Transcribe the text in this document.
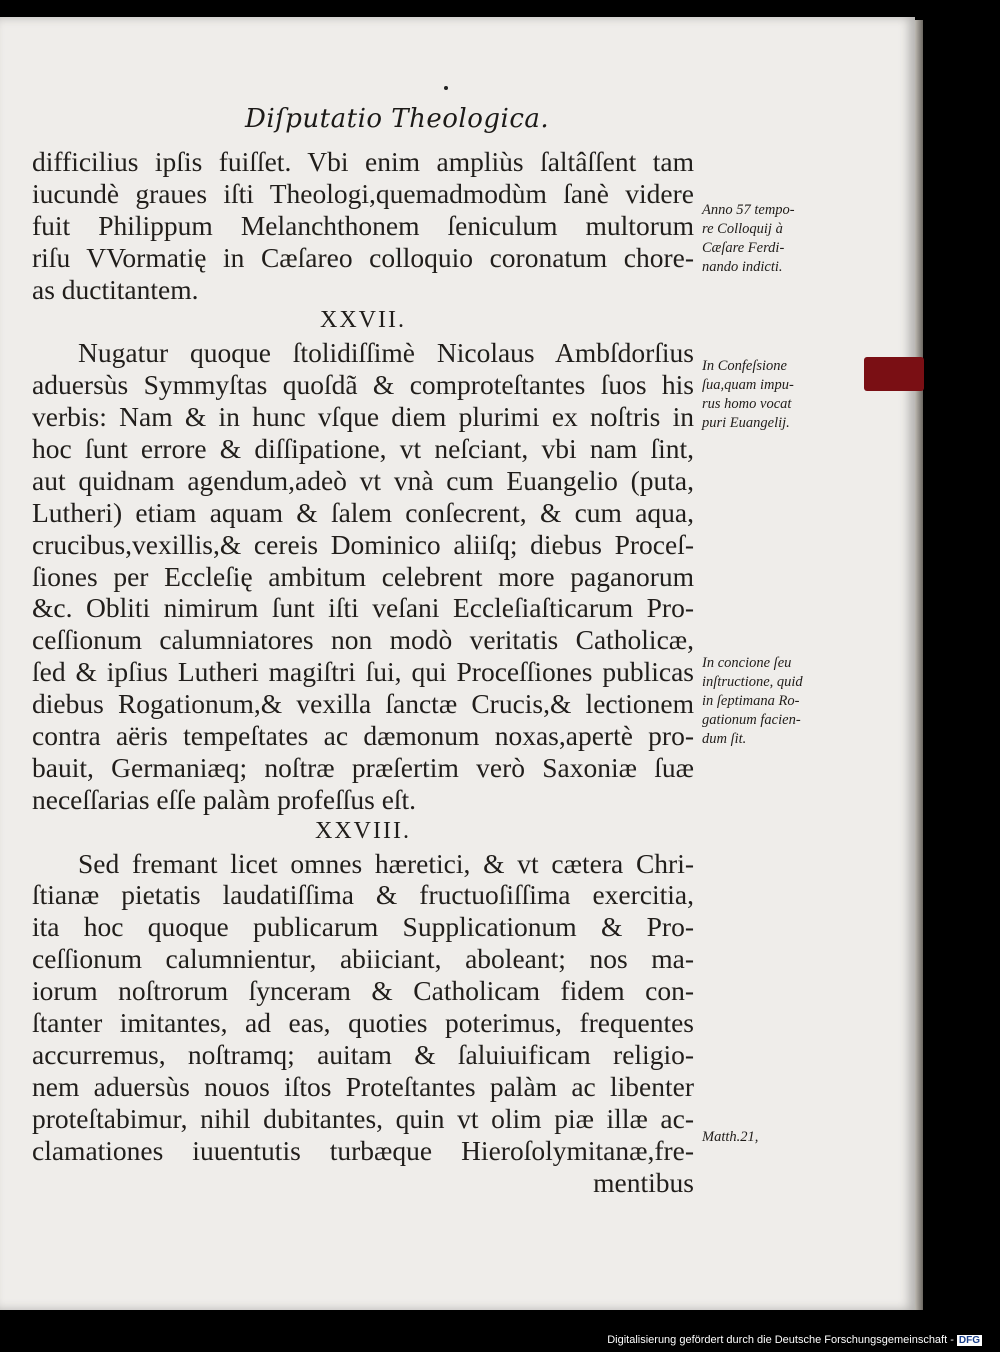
Diſputatio Theologica.
difficilius ipſis fuiſſet. Vbi enim ampliùs ſaltâſſent tam
iucundè graues iſti Theologi,quemadmodùm ſanè videre
fuit Philippum Melanchthonem ſeniculum multorum
riſu VVormatię in Cæſareo colloquio coronatum chore-
as ductitantem.
XXVII.
Nugatur quoque ſtolidiſſimè Nicolaus Ambſdorſius
aduersùs Symmyſtas quoſdã & comproteſtantes ſuos his
verbis: Nam & in hunc vſque diem plurimi ex noſtris in
hoc ſunt errore & diſſipatione, vt neſciant, vbi nam ſint,
aut quidnam agendum,adeò vt vnà cum Euangelio (puta,
Lutheri) etiam aquam & ſalem conſecrent, & cum aqua,
crucibus,vexillis,& cereis Dominico aliiſq; diebus Proceſ-
ſiones per Eccleſię ambitum celebrent more paganorum
&c. Obliti nimirum ſunt iſti veſani Eccleſiaſticarum Pro-
ceſſionum calumniatores non modò veritatis Catholicæ,
ſed & ipſius Lutheri magiſtri ſui, qui Proceſſiones publicas
diebus Rogationum,& vexilla ſanctæ Crucis,& lectionem
contra aëris tempeſtates ac dæmonum noxas,apertè pro-
bauit, Germaniæq; noſtræ præſertim verò Saxoniæ ſuæ
neceſſarias eſſe palàm profeſſus eſt.
XXVIII.
Sed fremant licet omnes hæretici, & vt cætera Chri-
ſtianæ pietatis laudatiſſima & fructuoſiſſima exercitia,
ita hoc quoque publicarum Supplicationum & Pro-
ceſſionum calumnientur, abiiciant, aboleant; nos ma-
iorum noſtrorum ſynceram & Catholicam fidem con-
ſtanter imitantes, ad eas, quoties poterimus, frequentes
accurremus, noſtramq; auitam & ſaluiuificam religio-
nem aduersùs nouos iſtos Proteſtantes palàm ac libenter
proteſtabimur, nihil dubitantes, quin vt olim piæ illæ ac-
clamationes iuuentutis turbæque Hieroſolymitanæ,fre-
mentibus
Anno 57 tempo-
re Colloquij à
Cæſare Ferdi-
nando indicti.
In Confeſsione
ſua,quam impu-
rus homo vocat
puri Euangelij.
In concione ſeu
inſtructione, quid
in ſeptimana Ro-
gationum facien-
dum ſit.
Matth.21,
Digitalisierung gefördert durch die Deutsche Forschungsgemeinschaft - DFG
